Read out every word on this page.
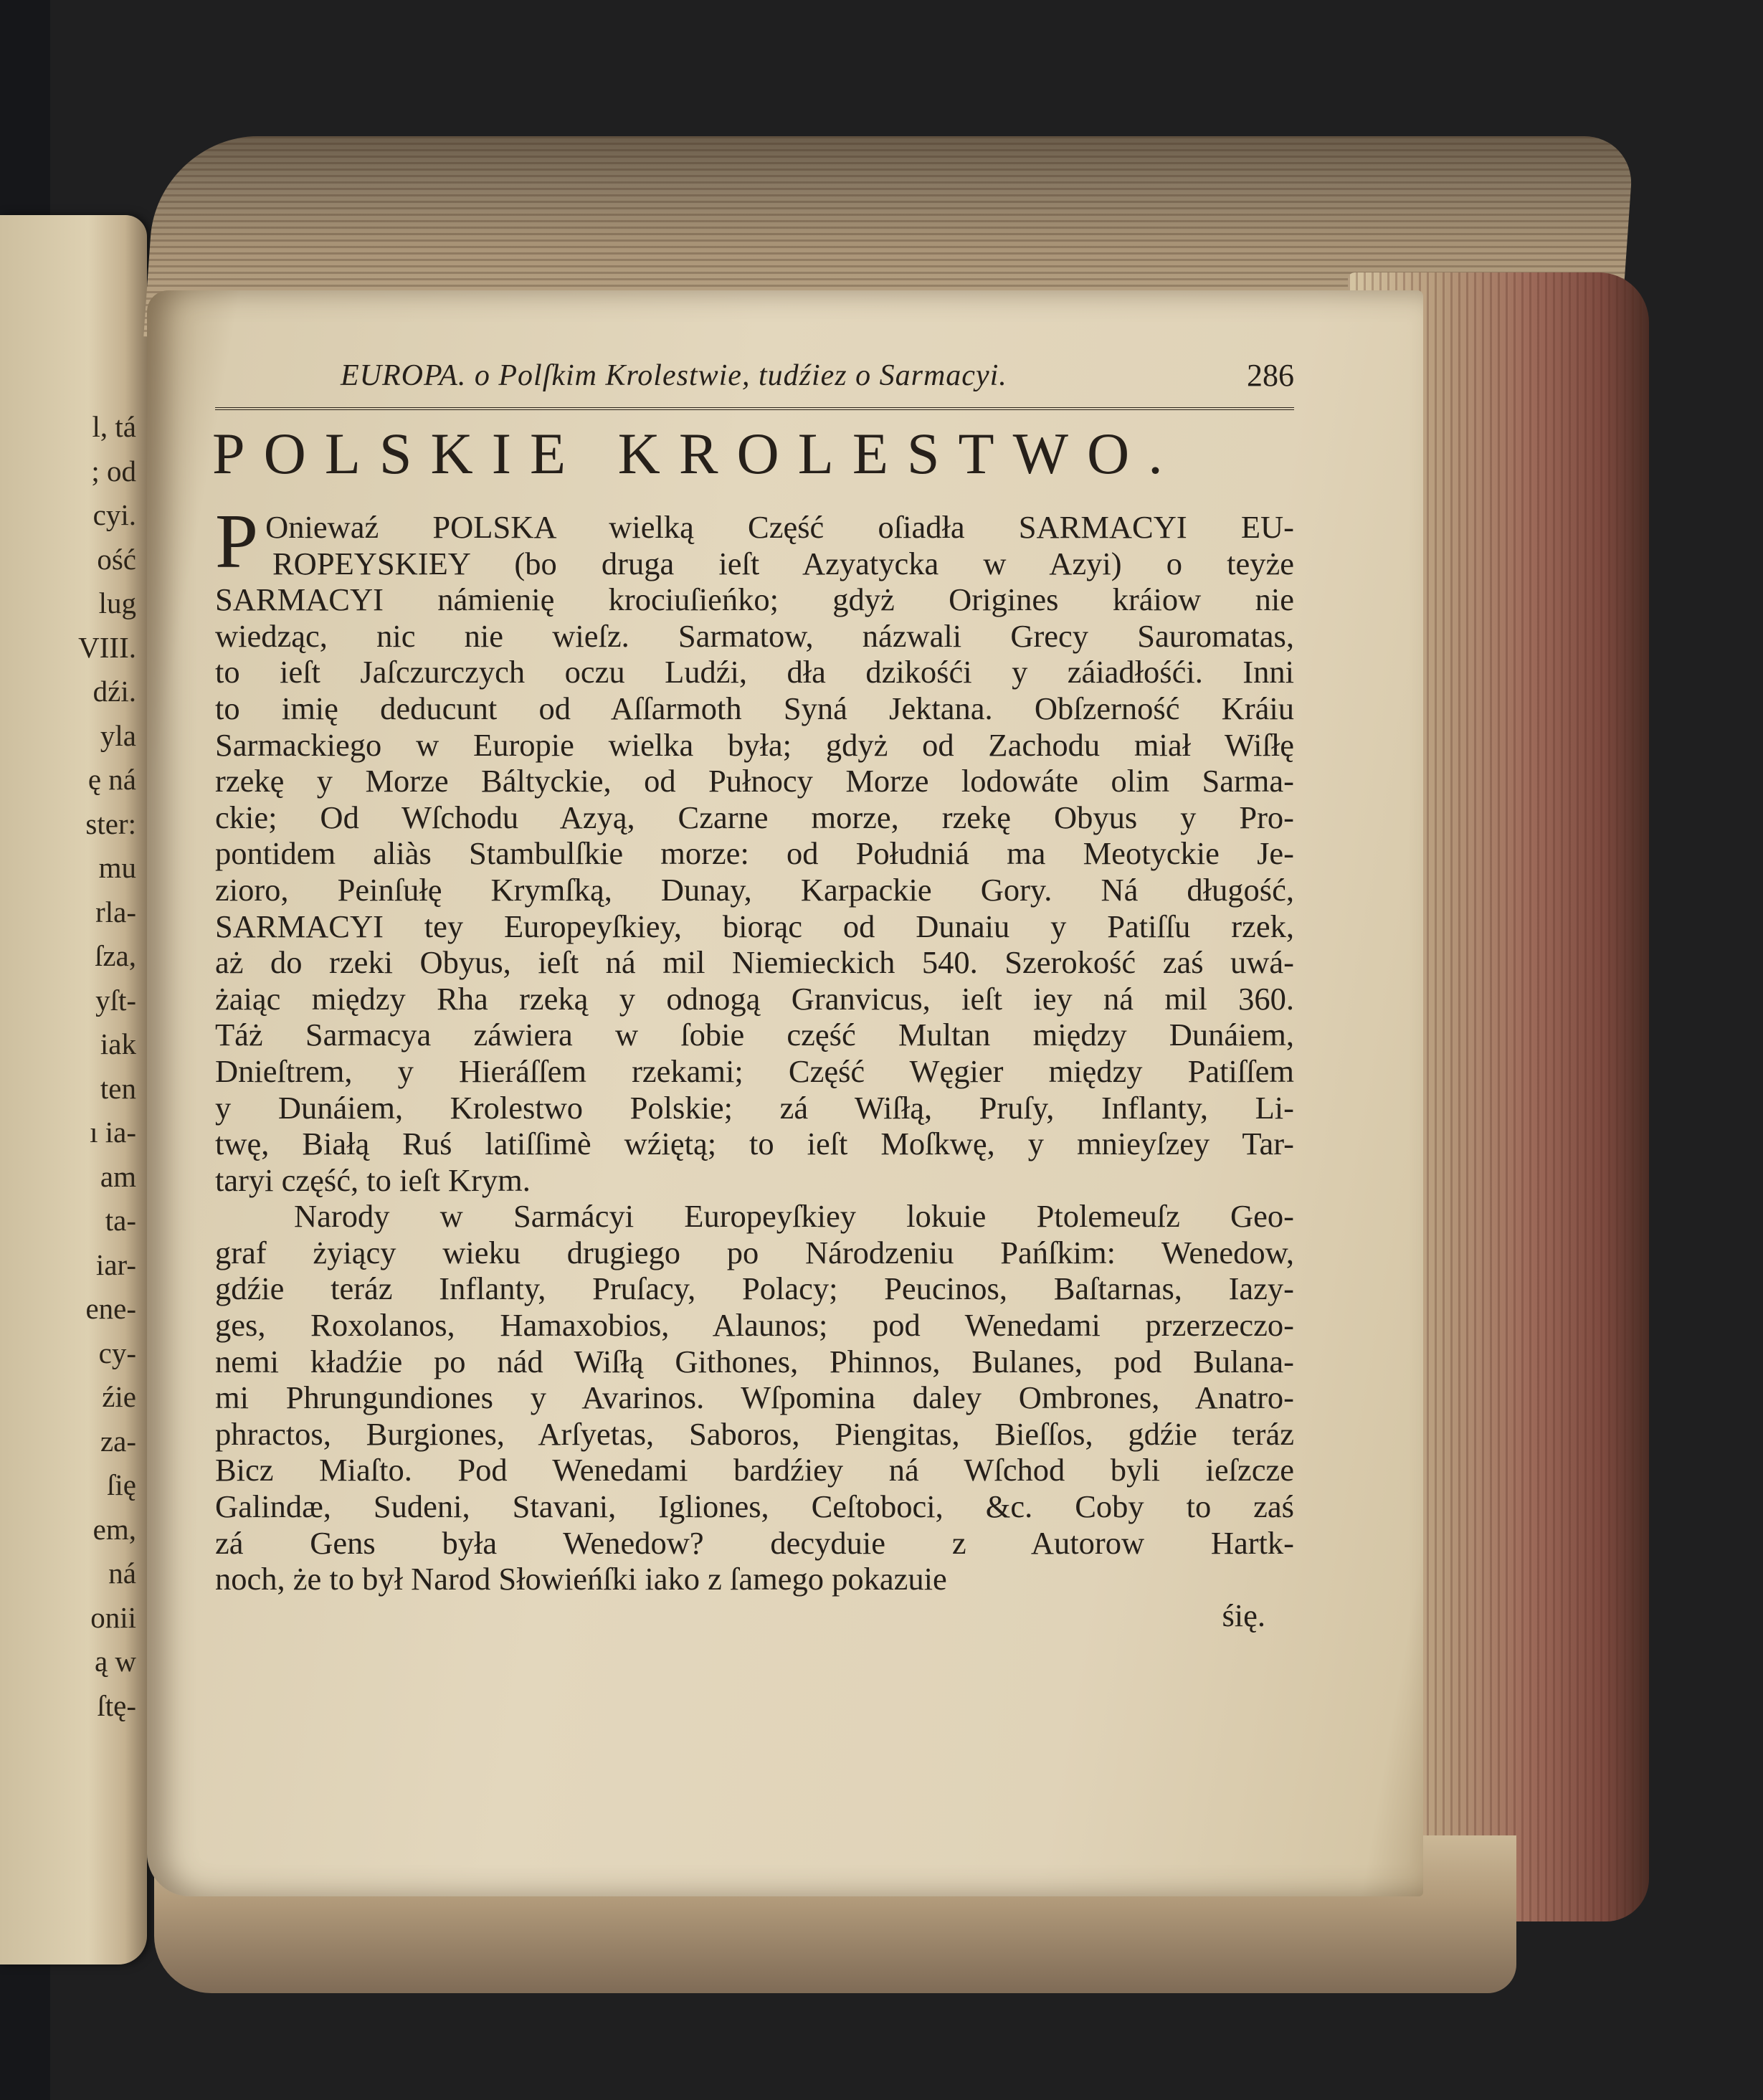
l, tá
; od
cyi.
ość
lug
VIII.
dźi.
yla
ę ná
ster:
mu
rla-
ſza,
yſt-
iak
ten
ı ia-
am
ta-
iar-
ene-
cy-
źie
za-
ſię
em,
ná
onii
ą w
ſtę-
EUROPA. o Polſkim Krolestwie, tudźiez o Sarmacyi.	286
POLSKIE KROLESTWO.
P Oniewaź POLSKA wielką Część oſiadła SARMACYI EU-
ROPEYSKIEY (bo druga ieſt Azyatycka w Azyi) o teyże
SARMACYI námienię krociuſieńko; gdyż Origines kráiow nie
wiedząc, nic nie wieſz. Sarmatow, názwali Grecy Sauromatas,
to ieſt Jaſczurczych oczu Ludźi, dła dzikośći y záiadłośći. Inni
to imię deducunt od Aſſarmoth Syná Jektana. Obſzerność Kráiu
Sarmackiego w Europie wielka była; gdyż od Zachodu miał Wiſłę
rzekę y Morze Báltyckie, od Pułnocy Morze lodowáte olim Sarma-
ckie; Od Wſchodu Azyą, Czarne morze, rzekę Obyus y Pro-
pontidem aliàs Stambulſkie morze: od Południá ma Meotyckie Je-
zioro, Peinſułę Krymſką, Dunay, Karpackie Gory. Ná długość,
SARMACYI tey Europeyſkiey, biorąc od Dunaiu y Patiſſu rzek,
aż do rzeki Obyus, ieſt ná mil Niemieckich 540. Szerokość zaś uwá-
żaiąc między Rha rzeką y odnogą Granvicus, ieſt iey ná mil 360.
Táż Sarmacya záwiera w ſobie część Multan między Dunáiem,
Dnieſtrem, y Hieráſſem rzekami; Część Węgier między Patiſſem
y Dunáiem, Krolestwo Polskie; zá Wiſłą, Pruſy, Inflanty, Li-
twę, Białą Ruś latiſſimè wźiętą; to ieſt Moſkwę, y mnieyſzey Tar-
taryi część, to ieſt Krym.
Narody w Sarmácyi Europeyſkiey lokuie Ptolemeuſz Geo-
graf żyiący wieku drugiego po Národzeniu Pańſkim: Wenedow,
gdźie teráz Inflanty, Pruſacy, Polacy; Peucinos, Baſtarnas, Iazy-
ges, Roxolanos, Hamaxobios, Alaunos; pod Wenedami przerzeczo-
nemi kładźie po nád Wiſłą Githones, Phinnos, Bulanes, pod Bulana-
mi Phrungundiones y Avarinos. Wſpomina daley Ombrones, Anatro-
phractos, Burgiones, Arſyetas, Saboros, Piengitas, Bieſſos, gdźie teráz
Bicz Miaſto. Pod Wenedami bardźiey ná Wſchod byli ieſzcze
Galindæ, Sudeni, Stavani, Igliones, Ceſtoboci, &c. Coby to zaś
zá Gens była Wenedow? decyduie z Autorow Hartk-
noch, że to był Narod Słowieńſki iako z ſamego pokazuie
śię.
